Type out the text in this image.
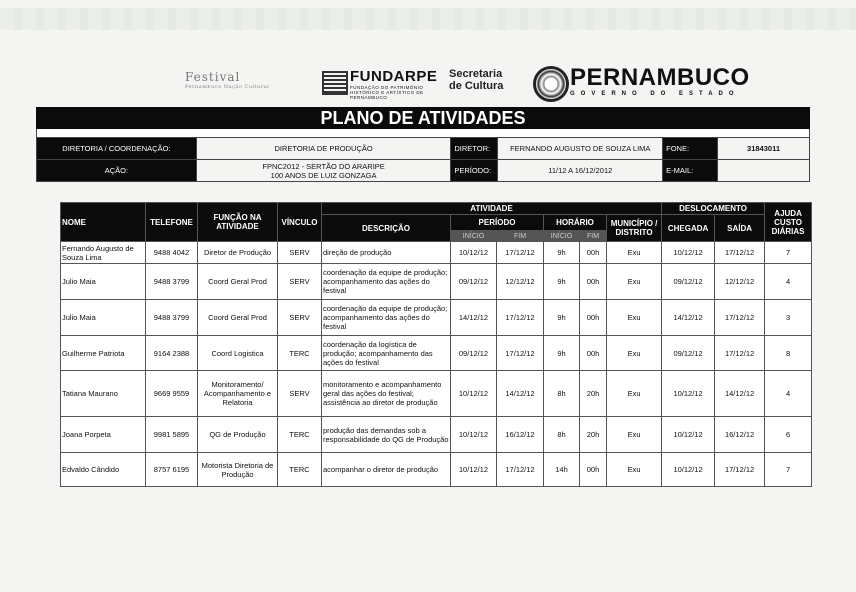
Festival
Pernambuco Nação Cultural
FUNDARPE
FUNDAÇÃO DO PATRIMÔNIO HISTÓRICO E ARTÍSTICO DE PERNAMBUCO
Secretaria
de Cultura	PERNAMBUCO
GOVERNO DO ESTADO
PLANO DE ATIVIDADES
DIRETORIA / COORDENAÇÃO:	DIRETORIA DE PRODUÇÃO	DIRETOR:	FERNANDO AUGUSTO DE SOUZA LIMA	FONE:	31843011
AÇÃO:	FPNC2012 - SERTÃO DO ARARIPE
100 ANOS DE LUIZ GONZAGA	PERÍODO:	11/12 A 16/12/2012	E-MAIL:	
NOME	TELEFONE	FUNÇÃO NA ATIVIDADE	VÍNCULO	ATIVIDADE						DESLOCAMENTO		AJUDA CUSTO DIÁRIAS
				DESCRIÇÃO	PERÍODO		HORÁRIO		MUNICÍPIO / DISTRITO	CHEGADA	SAÍDA	
					INÍCIO	FIM	INÍCIO	FIM				
Fernando Augusto de Souza Lima	9488 4042	Diretor de Produção	SERV	direção de produção	10/12/12	17/12/12	9h	00h	Exu	10/12/12	17/12/12	7
Julio Maia	9488 3799	Coord Geral Prod	SERV	coordenação da equipe de produção; acompanhamento das ações do festival	09/12/12	12/12/12	9h	00h	Exu	09/12/12	12/12/12	4
Julio Maia	9488 3799	Coord Geral Prod	SERV	coordenação da equipe de produção; acompanhamento das ações do festival	14/12/12	17/12/12	9h	00h	Exu	14/12/12	17/12/12	3
Guilherme Patriota	9164 2388	Coord Logistica	TERC	coordenação da logística de produção; acompanhamento das ações do festival	09/12/12	17/12/12	9h	00h	Exu	09/12/12	17/12/12	8
Tatiana Maurano	9669 9559	Monitoramento/ Acompanhamento e Relatoria	SERV	monitoramento e acompanhamento geral das ações do festival; assistência ao diretor de produção	10/12/12	14/12/12	8h	20h	Exu	10/12/12	14/12/12	4
Joana Porpeta	9981 5895	QG de Produção	TERC	produção das demandas sob a responsabilidade do QG de Produção	10/12/12	16/12/12	8h	20h	Exu	10/12/12	16/12/12	6
Edvaldo Cândido	8757 6195	Motorista Diretoria de Produção	TERC	acompanhar o diretor de produção	10/12/12	17/12/12	14h	00h	Exu	10/12/12	17/12/12	7
